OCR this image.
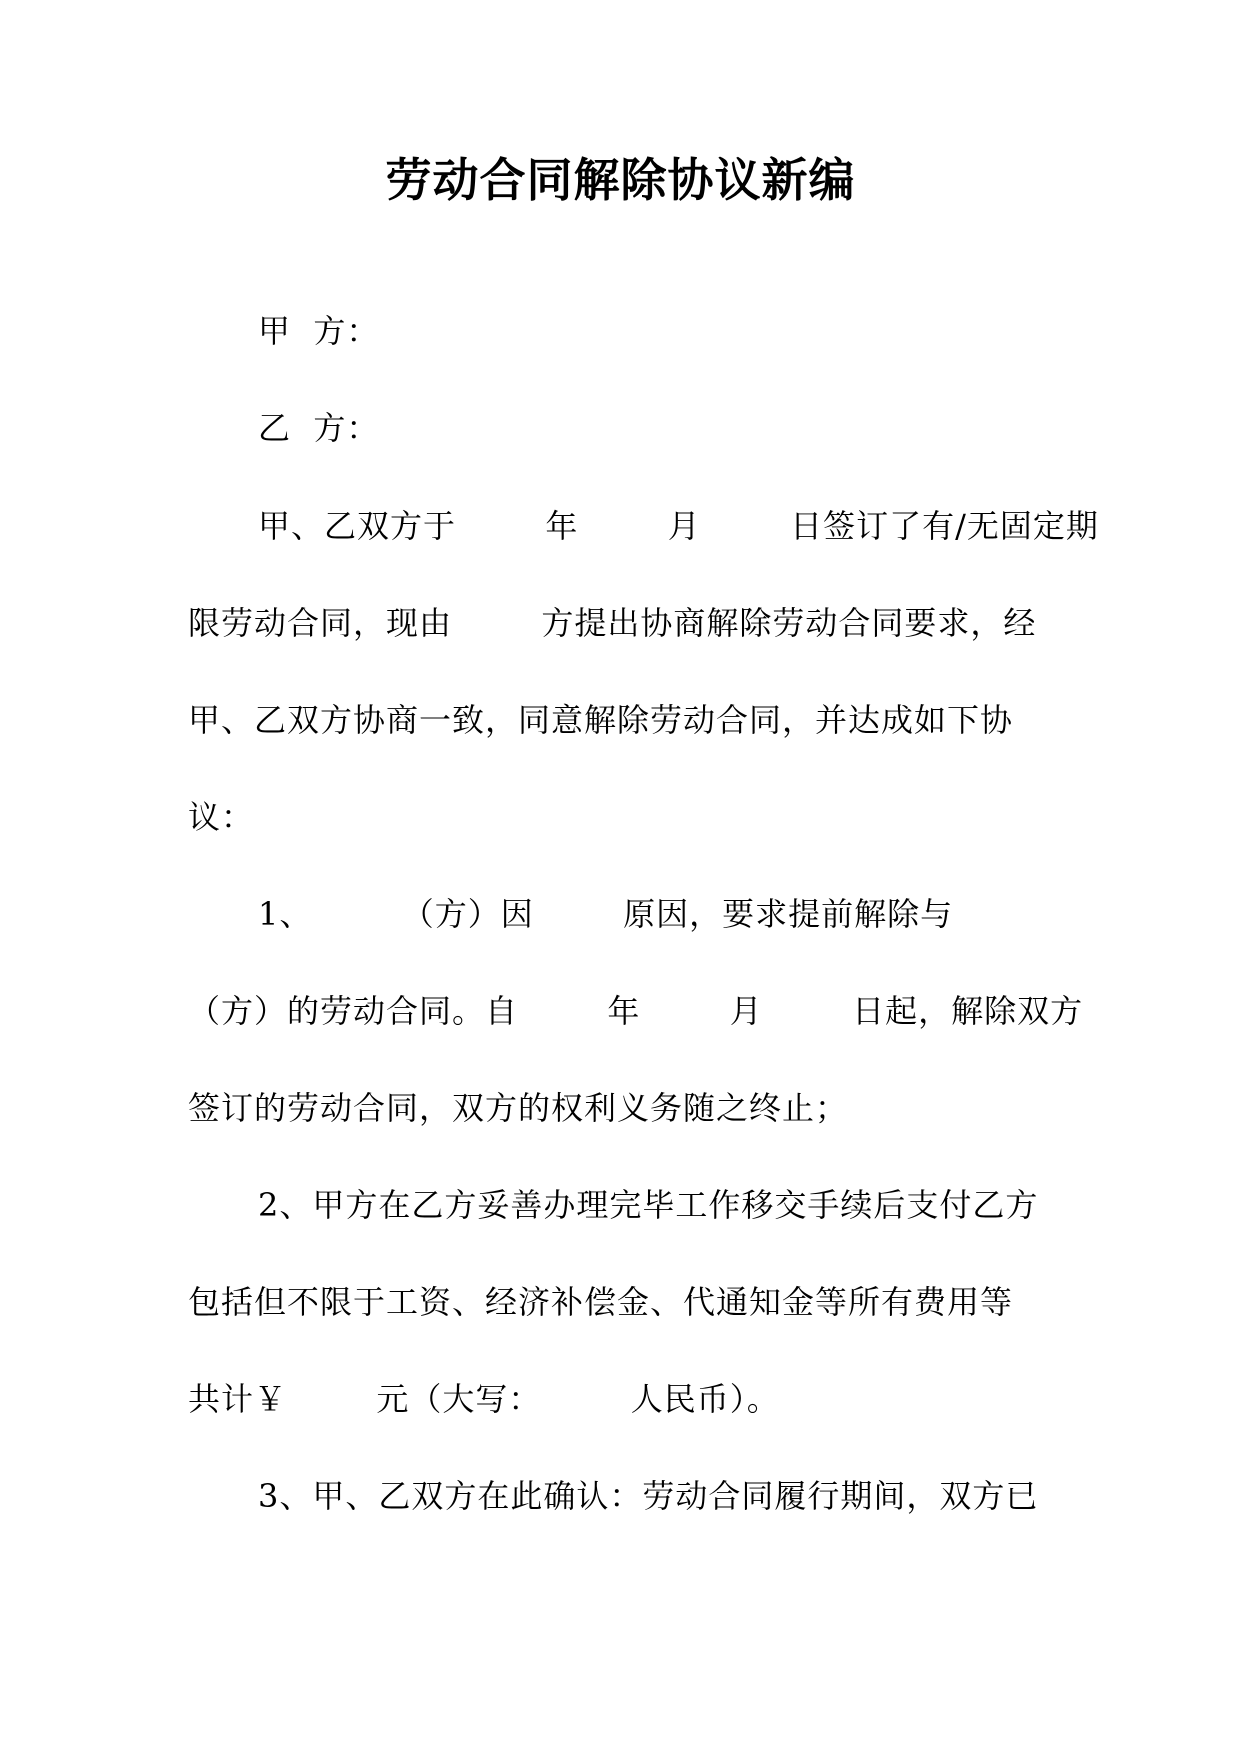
劳动合同解除协议新编
甲  方：
乙  方：
甲、乙双方于        年        月        日签订了有/无固定期
限劳动合同，现由        方提出协商解除劳动合同要求，经
甲、乙双方协商一致，同意解除劳动合同，并达成如下协
议：
1、        （方）因        原因，要求提前解除与
（方）的劳动合同。自        年        月        日起，解除双方
签订的劳动合同，双方的权利义务随之终止；
2、甲方在乙方妥善办理完毕工作移交手续后支付乙方
包括但不限于工资、经济补偿金、代通知金等所有费用等
共计￥        元（大写：        人民币）。
3、甲、乙双方在此确认：劳动合同履行期间，双方已
